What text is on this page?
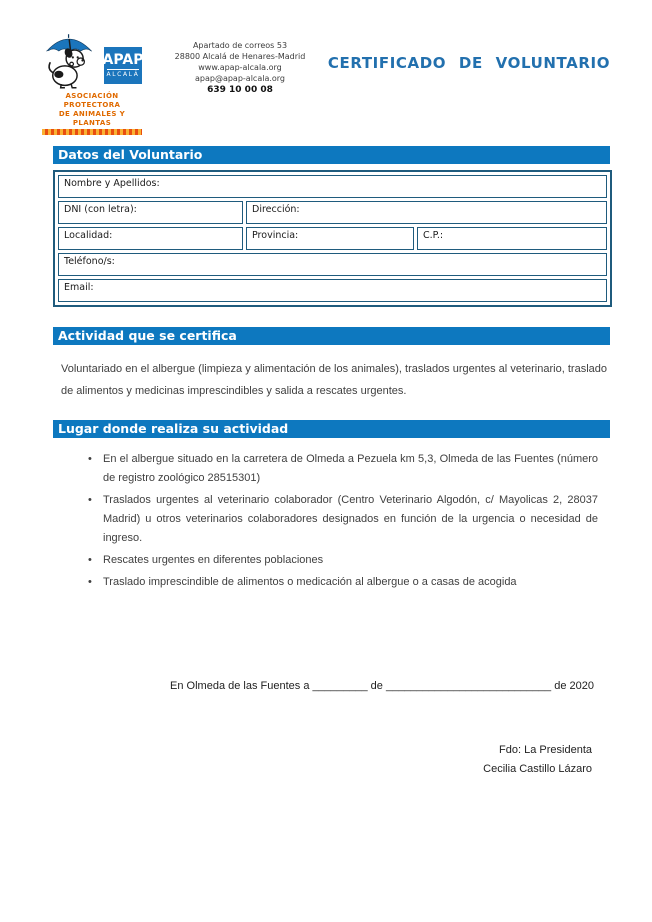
APAP
ALCALÁ
ASOCIACIÓN PROTECTORA
DE ANIMALES Y PLANTAS
Apartado de correos 53
28800 Alcalá de Henares-Madrid
www.apap-alcala.org
apap@apap-alcala.org
639 10 00 08
CERTIFICADO DE VOLUNTARIO
Datos del Voluntario
Nombre y Apellidos:		
DNI (con letra):	Dirección:	
Localidad:	Provincia:	C.P.:
Teléfono/s:		
Email:		
Actividad que se certifica

Voluntariado en el albergue (limpieza y alimentación de los animales), traslados urgentes al veterinario, traslado de alimentos y medicinas imprescindibles y salida a rescates urgentes.

Lugar donde realiza su actividad
• En el albergue situado en la carretera de Olmeda a Pezuela km 5,3, Olmeda de las Fuentes (número de registro zoológico 28515301)
• Traslados urgentes al veterinario colaborador (Centro Veterinario Algodón, c/ Mayolicas 2, 28037 Madrid) u otros veterinarios colaboradores designados en función de la urgencia o necesidad de ingreso.
• Rescates urgentes en diferentes poblaciones
• Traslado imprescindible de alimentos o medicación al albergue o a casas de acogida
En Olmeda de las Fuentes a _________ de ___________________________ de 2020
Fdo: La Presidenta
Cecilia Castillo Lázaro
